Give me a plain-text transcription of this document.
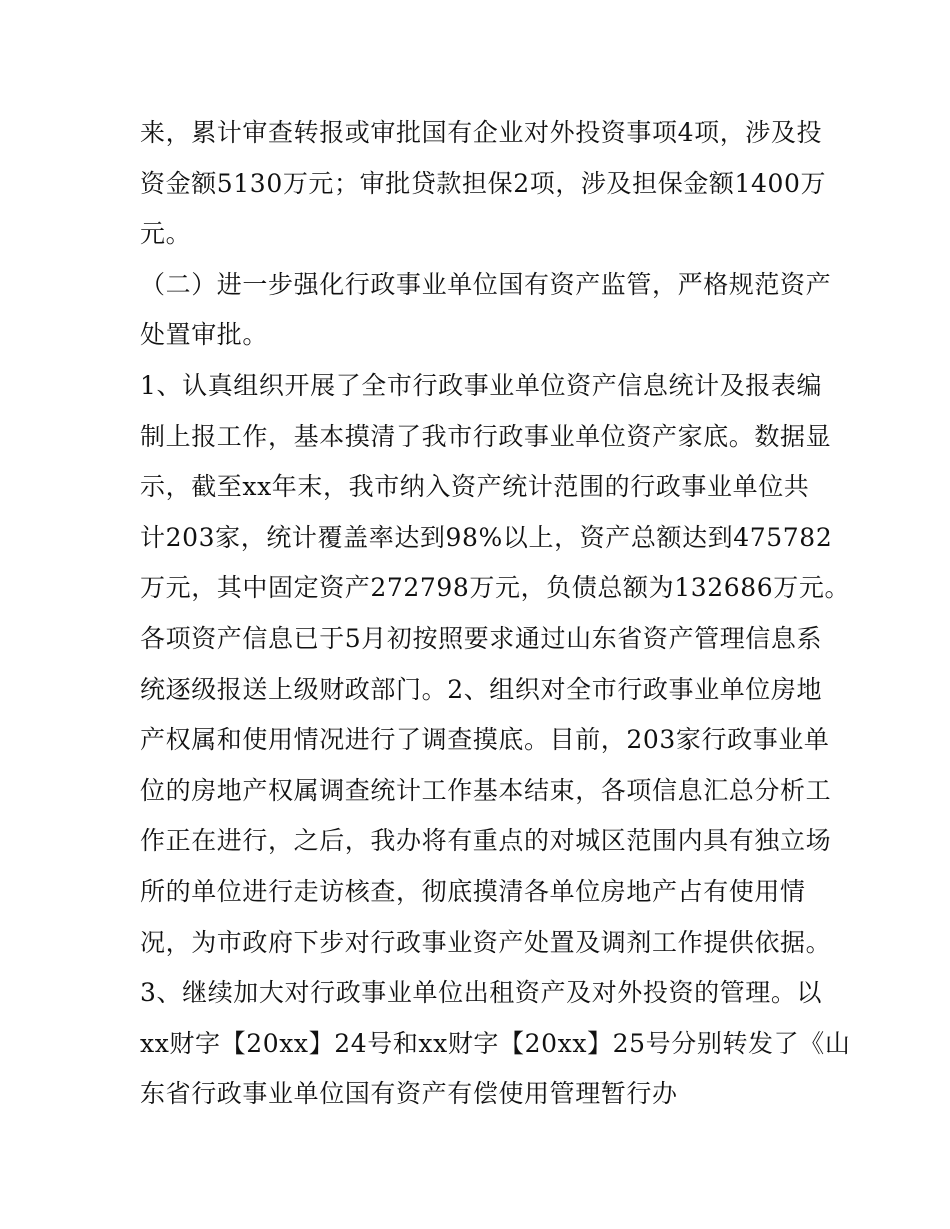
来，累计审查转报或审批国有企业对外投资事项4项，涉及投
资金额5130万元；审批贷款担保2项，涉及担保金额1400万
元。
（二）进一步强化行政事业单位国有资产监管，严格规范资产
处置审批。
1、认真组织开展了全市行政事业单位资产信息统计及报表编
制上报工作，基本摸清了我市行政事业单位资产家底。数据显
示，截至xx年末，我市纳入资产统计范围的行政事业单位共
计203家，统计覆盖率达到98%以上，资产总额达到475782
万元，其中固定资产272798万元，负债总额为132686万元。
各项资产信息已于5月初按照要求通过山东省资产管理信息系
统逐级报送上级财政部门。2、组织对全市行政事业单位房地
产权属和使用情况进行了调查摸底。目前，203家行政事业单
位的房地产权属调查统计工作基本结束，各项信息汇总分析工
作正在进行，之后，我办将有重点的对城区范围内具有独立场
所的单位进行走访核查，彻底摸清各单位房地产占有使用情
况，为市政府下步对行政事业资产处置及调剂工作提供依据。
3、继续加大对行政事业单位出租资产及对外投资的管理。以
xx财字【20xx】24号和xx财字【20xx】25号分别转发了《山
东省行政事业单位国有资产有偿使用管理暂行办
